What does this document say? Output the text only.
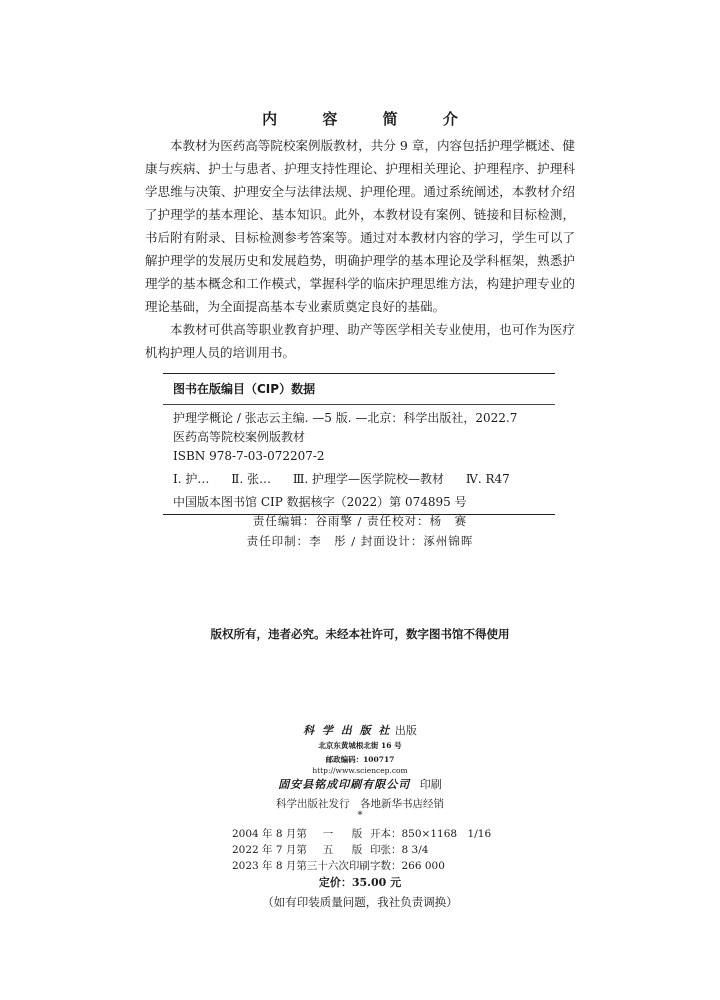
内 容 简 介

本教材为医药高等院校案例版教材，共分 9 章，内容包括护理学概述、健康与疾病、护士与患者、护理支持性理论、护理相关理论、护理程序、护理科学思维与决策、护理安全与法律法规、护理伦理。通过系统阐述，本教材介绍了护理学的基本理论、基本知识。此外，本教材设有案例、链接和目标检测，书后附有附录、目标检测参考答案等。通过对本教材内容的学习，学生可以了解护理学的发展历史和发展趋势，明确护理学的基本理论及学科框架，熟悉护理学的基本概念和工作模式，掌握科学的临床护理思维方法，构建护理专业的理论基础，为全面提高基本专业素质奠定良好的基础。

本教材可供高等职业教育护理、助产等医学相关专业使用，也可作为医疗机构护理人员的培训用书。

图书在版编目（CIP）数据
护理学概论 / 张志云主编. —5 版. —北京：科学出版社，2022.7
医药高等院校案例版教材
ISBN 978-7-03-072207-2
Ⅰ. 护… Ⅱ. 张… Ⅲ. 护理学—医学院校—教材 Ⅳ. R47
中国版本图书馆 CIP 数据核字（2022）第 074895 号
责任编辑：谷雨擎 / 责任校对：杨　赛
责任印制：李　彤 / 封面设计：涿州锦晖
版权所有，违者必究。未经本社许可，数字图书馆不得使用
科 学 出 版 社 出版
北京东黄城根北街 16 号
邮政编码：100717
http://www.sciencep.com
固安县铭成印刷有限公司 印刷
科学出版社发行　各地新华书店经销
*
2004 年 8 月第 一 版 开本：850×1168　1/16
2022 年 7 月第 五 版 印张：8 3/4
2023 年 8 月第三十六次印刷字数：266 000
定价：35.00 元
（如有印装质量问题，我社负责调换）
